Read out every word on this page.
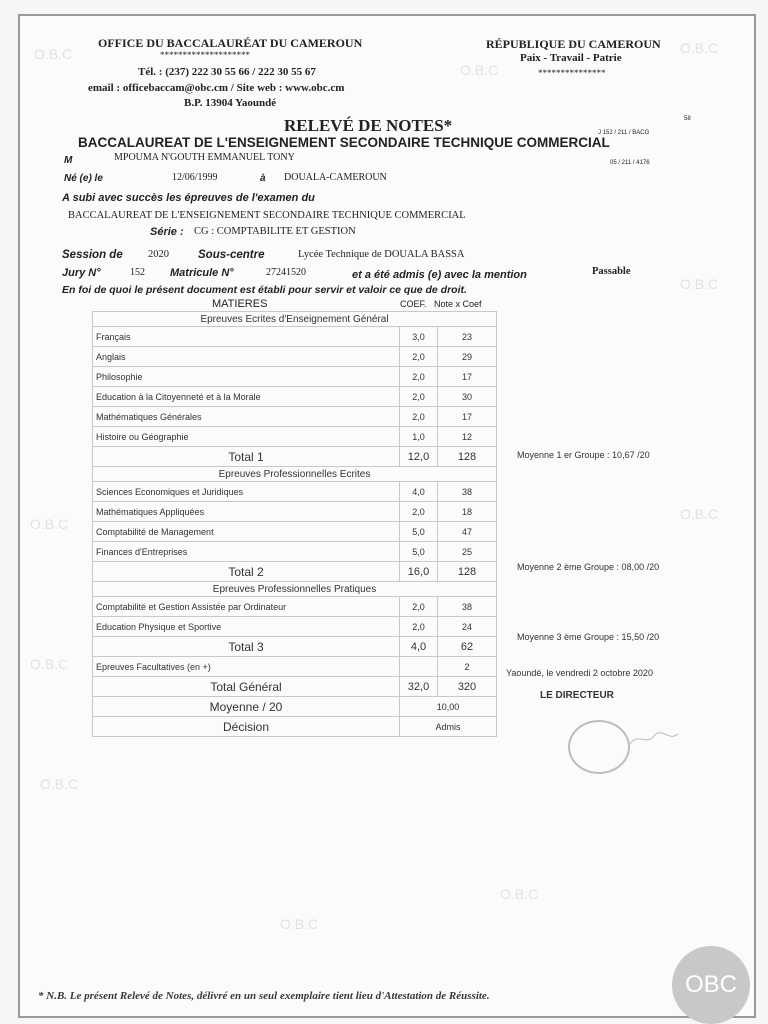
O.B.C
O.B.C
O.B.C
O.B.C
O.B.C
O.B.C
O.B.C
O.B.C
O.B.C
O.B.C
OFFICE DU BACCALAURÉAT DU CAMEROUN
********************
Tél. : (237) 222 30 55 66 / 222 30 55 67
email : officebaccam@obc.cm / Site web : www.obc.cm
B.P. 13904 Yaoundé
RÉPUBLIQUE DU CAMEROUN
Paix - Travail - Patrie
***************
RELEVÉ DE NOTES*	58
J 152 / 211 / BACG
BACCALAUREAT DE L'ENSEIGNEMENT SECONDAIRE TECHNIQUE COMMERCIAL
05 / 211 / 4176
M	MPOUMA N'GOUTH EMMANUEL TONY
Né (e) le	12/06/1999	à DOUALA-CAMEROUN
A subi avec succès les épreuves de l'examen du
BACCALAUREAT DE L'ENSEIGNEMENT SECONDAIRE TECHNIQUE COMMERCIAL
Série : CG : COMPTABILITE ET GESTION
Session de 2020	Sous-centre	Lycée Technique de DOUALA BASSA
Jury N°	152 Matricule N°	27241520	et a été admis (e) avec la mention	Passable
En foi de quoi le présent document est établi pour servir et valoir ce que de droit.
MATIERES	COEF. Note x Coef
Epreuves Ecrites d'Enseignement Général		
Français	3,0	23
Anglais	2,0	29
Philosophie	2,0	17
Education à la Citoyenneté et à la Morale	2,0	30
Mathématiques Générales	2,0	17
Histoire ou Géographie	1,0	12
Total 1	12,0	128
Epreuves Professionnelles Ecrites		
Sciences Economiques et Juridiques	4,0	38
Mathématiques Appliquées	2,0	18
Comptabilité de Management	5,0	47
Finances d'Entreprises	5,0	25
Total 2	16,0	128
Epreuves Professionnelles Pratiques		
Comptabilité et Gestion Assistée par Ordinateur	2,0	38
Education Physique et Sportive	2,0	24
Total 3	4,0	62
Epreuves Facultatives (en +)		2
Total Général	32,0	320
Moyenne / 20	10,00	
Décision	Admis	
Moyenne 1 er Groupe : 10,67 /20
Moyenne 2 ème Groupe : 08,00 /20
Moyenne 3 ème Groupe : 15,50 /20
Yaoundé, le vendredi 2 octobre 2020
LE DIRECTEUR
* N.B. Le présent Relevé de Notes, délivré en un seul exemplaire tient lieu d'Attestation de Réussite.	OBC
